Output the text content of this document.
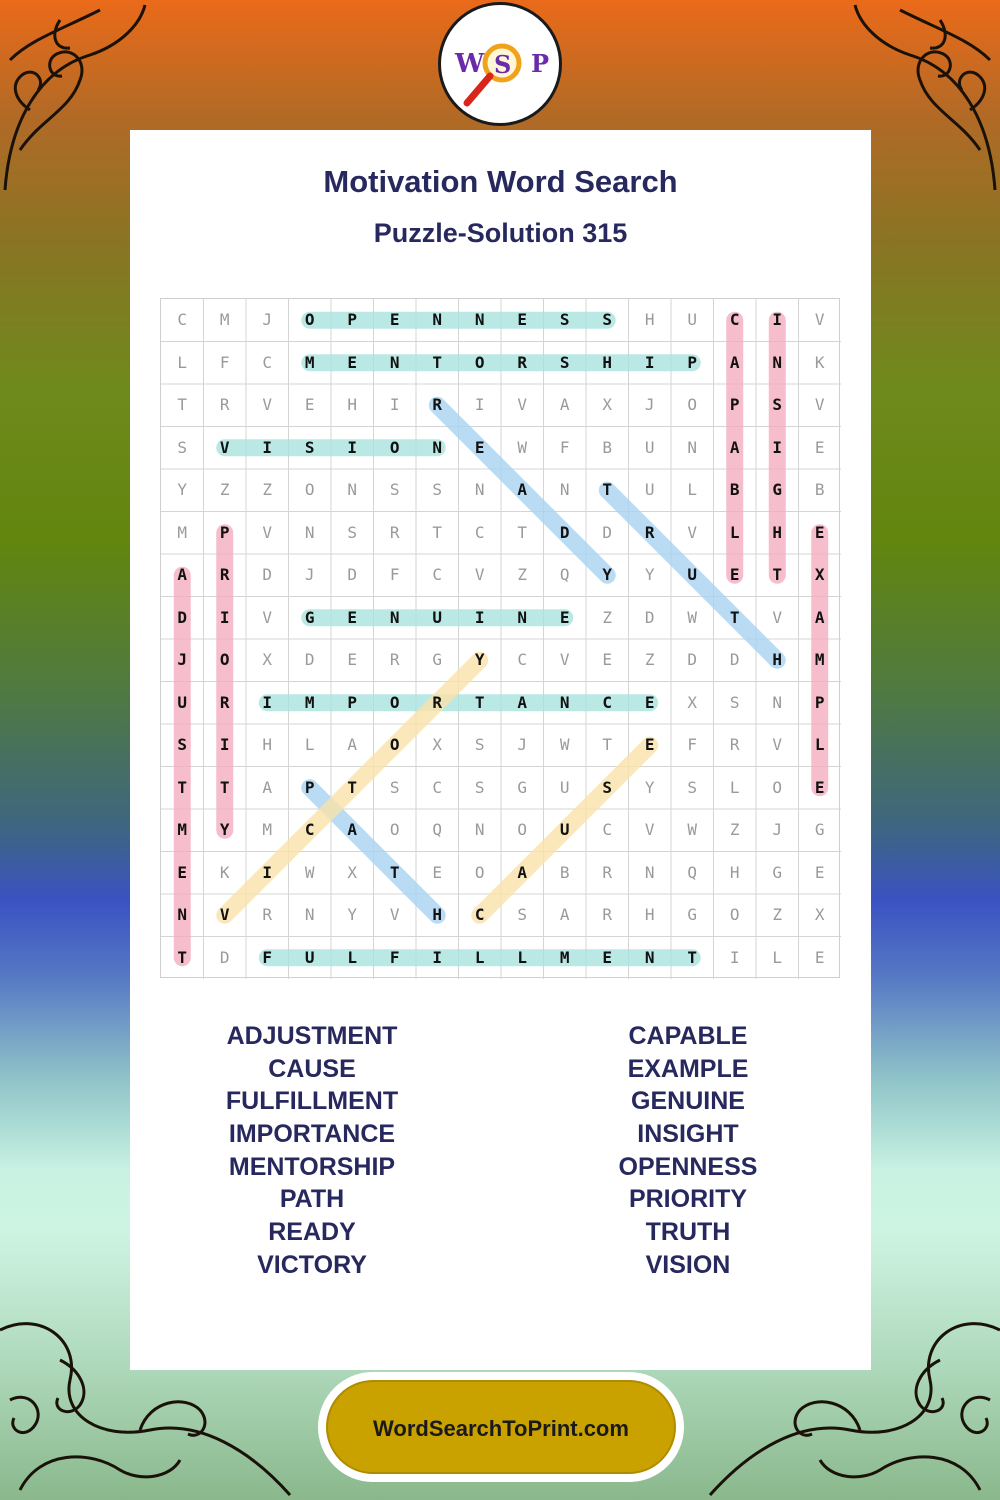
W S P
Motivation Word Search
Puzzle-Solution 315
C	M	J	O	P	E	N	N	E	S	S	H	U	C	I	V
L	F	C	M	E	N	T	O	R	S	H	I	P	A	N	K
T	R	V	E	H	I	R	I	V	A	X	J	O	P	S	V
S	V	I	S	I	O	N	E	W	F	B	U	N	A	I	E
Y	Z	Z	O	N	S	S	N	A	N	T	U	L	B	G	B
M	P	V	N	S	R	T	C	T	D	D	R	V	L	H	E
A	R	D	J	D	F	C	V	Z	Q	Y	Y	U	E	T	X
D	I	V	G	E	N	U	I	N	E	Z	D	W	T	V	A
J	O	X	D	E	R	G	Y	C	V	E	Z	D	D	H	M
U	R	I	M	P	O	R	T	A	N	C	E	X	S	N	P
S	I	H	L	A	O	X	S	J	W	T	E	F	R	V	L
T	T	A	P	T	S	C	S	G	U	S	Y	S	L	O	E
M	Y	M	C	A	O	Q	N	O	U	C	V	W	Z	J	G
E	K	I	W	X	T	E	O	A	B	R	N	Q	H	G	E
N	V	R	N	Y	V	H	C	S	A	R	H	G	O	Z	X
T	D	F	U	L	F	I	L	L	M	E	N	T	I	L	E
ADJUSTMENT
CAUSE
FULFILLMENT
IMPORTANCE
MENTORSHIP
PATH
READY
VICTORY
CAPABLE
EXAMPLE
GENUINE
INSIGHT
OPENNESS
PRIORITY
TRUTH
VISION
WordSearchToPrint.com
